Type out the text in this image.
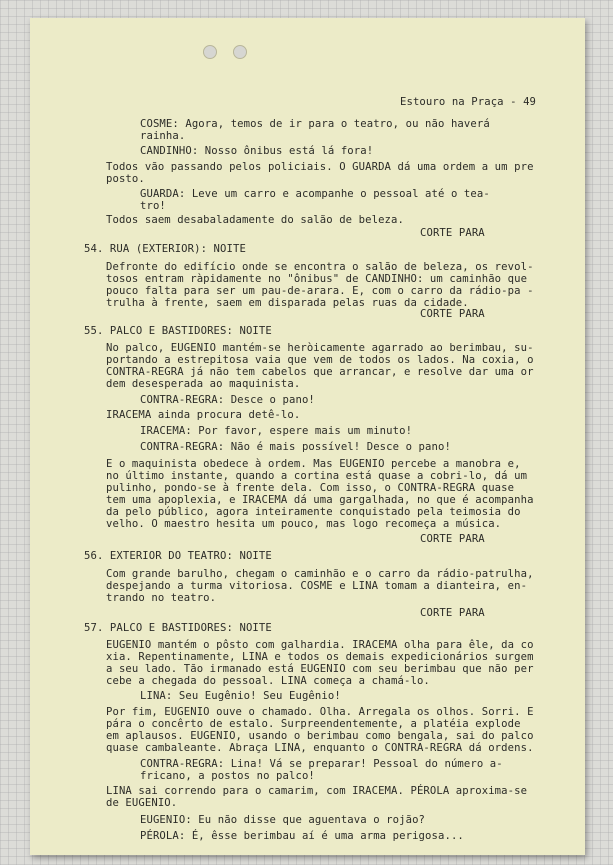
Estouro na Praça - 49
COSME: Agora, temos de ir para o teatro, ou não haverá
rainha.
CANDINHO: Nosso ônibus está lá fora!
Todos vão passando pelos policiais. O GUARDA dá uma ordem a um pre
posto.
GUARDA: Leve um carro e acompanhe o pessoal até o tea-
tro!
Todos saem desabaladamente do salão de beleza.
CORTE PARA
54. RUA (EXTERIOR): NOITE
Defronte do edifício onde se encontra o salão de beleza, os revol-
tosos entram ràpidamente no "ônibus" de CANDINHO: um caminhão que
pouco falta para ser um pau-de-arara. E, com o carro da rádio-pa -
trulha à frente, saem em disparada pelas ruas da cidade.
CORTE PARA
55. PALCO E BASTIDORES: NOITE
No palco, EUGENIO mantém-se heròicamente agarrado ao berimbau, su-
portando a estrepitosa vaia que vem de todos os lados. Na coxia, o
CONTRA-REGRA já não tem cabelos que arrancar, e resolve dar uma or
dem desesperada ao maquinista.
CONTRA-REGRA: Desce o pano!
IRACEMA ainda procura detê-lo.
IRACEMA: Por favor, espere mais um minuto!
CONTRA-REGRA: Não é mais possível! Desce o pano!
E o maquinista obedece à ordem. Mas EUGENIO percebe a manobra e,
no último instante, quando a cortina está quase a cobri-lo, dá um
pulinho, pondo-se à frente dela. Com isso, o CONTRA-REGRA quase
tem uma apoplexia, e IRACEMA dá uma gargalhada, no que é acompanha
da pelo público, agora inteiramente conquistado pela teimosia do
velho. O maestro hesita um pouco, mas logo recomeça a música.
CORTE PARA
56. EXTERIOR DO TEATRO: NOITE
Com grande barulho, chegam o caminhão e o carro da rádio-patrulha,
despejando a turma vitoriosa. COSME e LINA tomam a dianteira, en-
trando no teatro.
CORTE PARA
57. PALCO E BASTIDORES: NOITE
EUGENIO mantém o pôsto com galhardia. IRACEMA olha para êle, da co
xia. Repentinamente, LINA e todos os demais expedicionários surgem
a seu lado. Tão irmanado está EUGENIO com seu berimbau que não per
cebe a chegada do pessoal. LINA começa a chamá-lo.
LINA: Seu Eugênio! Seu Eugênio!
Por fim, EUGENIO ouve o chamado. Olha. Arregala os olhos. Sorri. E
pára o concêrto de estalo. Surpreendentemente, a platéia explode
em aplausos. EUGENIO, usando o berimbau como bengala, sai do palco
quase cambaleante. Abraça LINA, enquanto o CONTRA-REGRA dá ordens.
CONTRA-REGRA: Lina! Vá se preparar! Pessoal do número a-
fricano, a postos no palco!
LINA sai correndo para o camarim, com IRACEMA. PÉROLA aproxima-se
de EUGENIO.
EUGENIO: Eu não disse que aguentava o rojão?
PÉROLA: É, êsse berimbau aí é uma arma perigosa...
